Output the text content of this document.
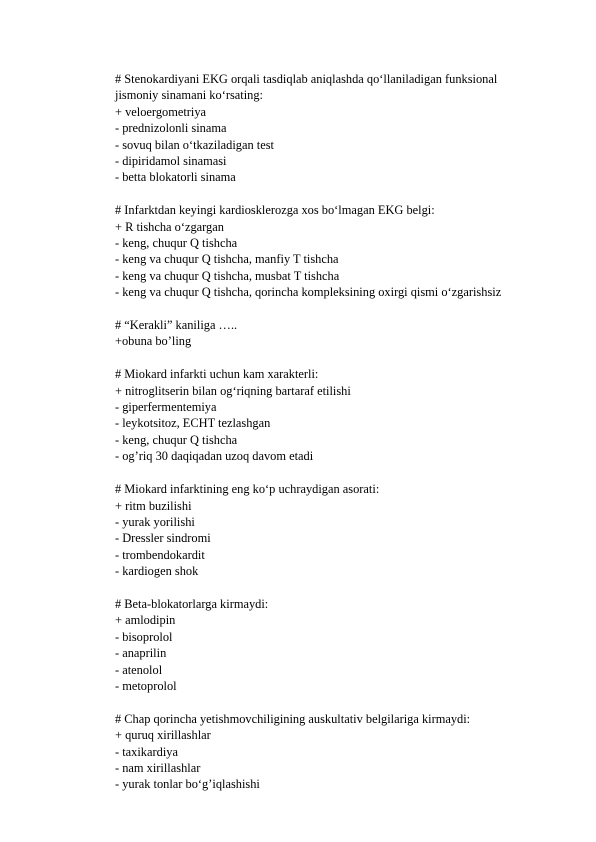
# Stenokardiyani EKG orqali tasdiqlab aniqlashda qo‘llaniladigan funksional
jismoniy sinamani ko‘rsating:
+ veloergometriya
- prednizolonli sinama
- sovuq bilan o‘tkaziladigan test
- dipiridamol sinamasi
- betta blokatorli sinama
# Infarktdan keyingi kardiosklerozga xos bo‘lmagan EKG belgi:
+ R tishcha o‘zgargan
- keng, chuqur Q tishcha
- keng va chuqur Q tishcha, manfiy T tishcha
- keng va chuqur Q tishcha, musbat T tishcha
- keng va chuqur Q tishcha, qorincha kompleksining oxirgi qismi o‘zgarishsiz
# “Kerakli” kaniliga …..
+obuna bo’ling
# Miokard infarkti uchun kam xarakterli:
+ nitroglitserin bilan og‘riqning bartaraf etilishi
- giperfermentemiya
- leykotsitoz, ECHT tezlashgan
- keng, chuqur Q tishcha
- og’riq 30 daqiqadan uzoq davom etadi
# Miokard infarktining eng ko‘p uchraydigan asorati:
+ ritm buzilishi
- yurak yorilishi
- Dressler sindromi
- trombendokardit
- kardiogen shok
# Beta-blokatorlarga kirmaydi:
+ amlodipin
- bisoprolol
- anaprilin
- atenolol
- metoprolol
# Chap qorincha yetishmovchiligining auskultativ belgilariga kirmaydi:
+ quruq xirillashlar
- taxikardiya
- nam xirillashlar
- yurak tonlar bo‘g’iqlashishi
